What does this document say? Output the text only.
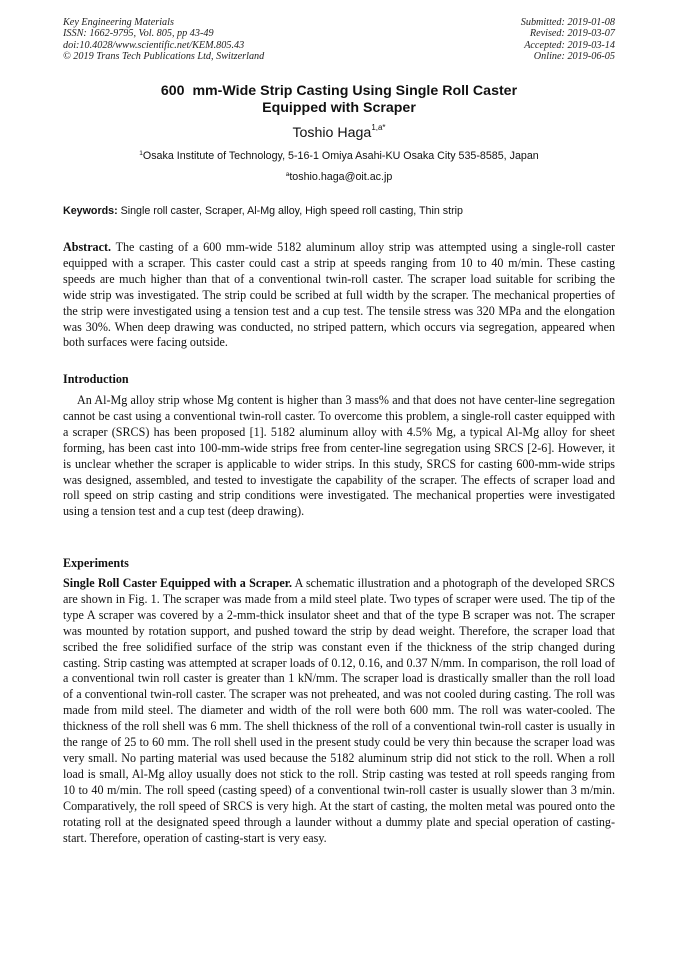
Key Engineering Materials
ISSN: 1662-9795, Vol. 805, pp 43-49
doi:10.4028/www.scientific.net/KEM.805.43
© 2019 Trans Tech Publications Ltd, Switzerland
Submitted: 2019-01-08
Revised: 2019-03-07
Accepted: 2019-03-14
Online: 2019-06-05
600  mm-Wide Strip Casting Using Single Roll Caster
Equipped with Scraper
Toshio Haga$^{1,a*}$
$^1$Osaka Institute of Technology, 5-16-1 Omiya Asahi-KU Osaka City 535-8585, Japan
$^a$toshio.haga@oit.ac.jp
Keywords: Single roll caster, Scraper, Al-Mg alloy, High speed roll casting, Thin strip
Abstract. The casting of a 600 mm-wide 5182 aluminum alloy strip was attempted using a single-roll caster equipped with a scraper. This caster could cast a strip at speeds ranging from 10 to 40 m/min. These casting speeds are much higher than that of a conventional twin-roll caster. The scraper load suitable for scribing the wide strip was investigated. The strip could be scribed at full width by the scraper. The mechanical properties of the strip were investigated using a tension test and a cup test. The tensile stress was 320 MPa and the elongation was 30%. When deep drawing was conducted, no striped pattern, which occurs via segregation, appeared when both surfaces were facing outside.
Introduction
An Al-Mg alloy strip whose Mg content is higher than 3 mass% and that does not have center-line segregation cannot be cast using a conventional twin-roll caster. To overcome this problem, a single-roll caster equipped with a scraper (SRCS) has been proposed [1]. 5182 aluminum alloy with 4.5% Mg, a typical Al-Mg alloy for sheet forming, has been cast into 100-mm-wide strips free from center-line segregation using SRCS [2-6]. However, it is unclear whether the scraper is applicable to wider strips. In this study, SRCS for casting 600-mm-wide strips was designed, assembled, and tested to investigate the capability of the scraper. The effects of scraper load and roll speed on strip casting and strip conditions were investigated. The mechanical properties were investigated using a tension test and a cup test (deep drawing).
Experiments
Single Roll Caster Equipped with a Scraper. A schematic illustration and a photograph of the developed SRCS are shown in Fig. 1. The scraper was made from a mild steel plate. Two types of scraper were used. The tip of the type A scraper was covered by a 2-mm-thick insulator sheet and that of the type B scraper was not. The scraper was mounted by rotation support, and pushed toward the strip by dead weight. Therefore, the scraper load that scribed the free solidified surface of the strip was constant even if the thickness of the strip changed during casting. Strip casting was attempted at scraper loads of 0.12, 0.16, and 0.37 N/mm. In comparison, the roll load of a conventional twin roll caster is greater than 1 kN/mm. The scraper load is drastically smaller than the roll load of a conventional twin-roll caster. The scraper was not preheated, and was not cooled during casting. The roll was made from mild steel. The diameter and width of the roll were both 600 mm. The roll was water-cooled. The thickness of the roll shell was 6 mm. The shell thickness of the roll of a conventional twin-roll caster is usually in the range of 25 to 60 mm. The roll shell used in the present study could be very thin because the scraper load was very small. No parting material was used because the 5182 aluminum strip did not stick to the roll. When a roll load is small, Al-Mg alloy usually does not stick to the roll. Strip casting was tested at roll speeds ranging from 10 to 40 m/min. The roll speed (casting speed) of a conventional twin-roll caster is usually slower than 3 m/min. Comparatively, the roll speed of SRCS is very high. At the start of casting, the molten metal was poured onto the rotating roll at the designated speed through a launder without a dummy plate and special operation of casting-start. Therefore, operation of casting-start is very easy.
